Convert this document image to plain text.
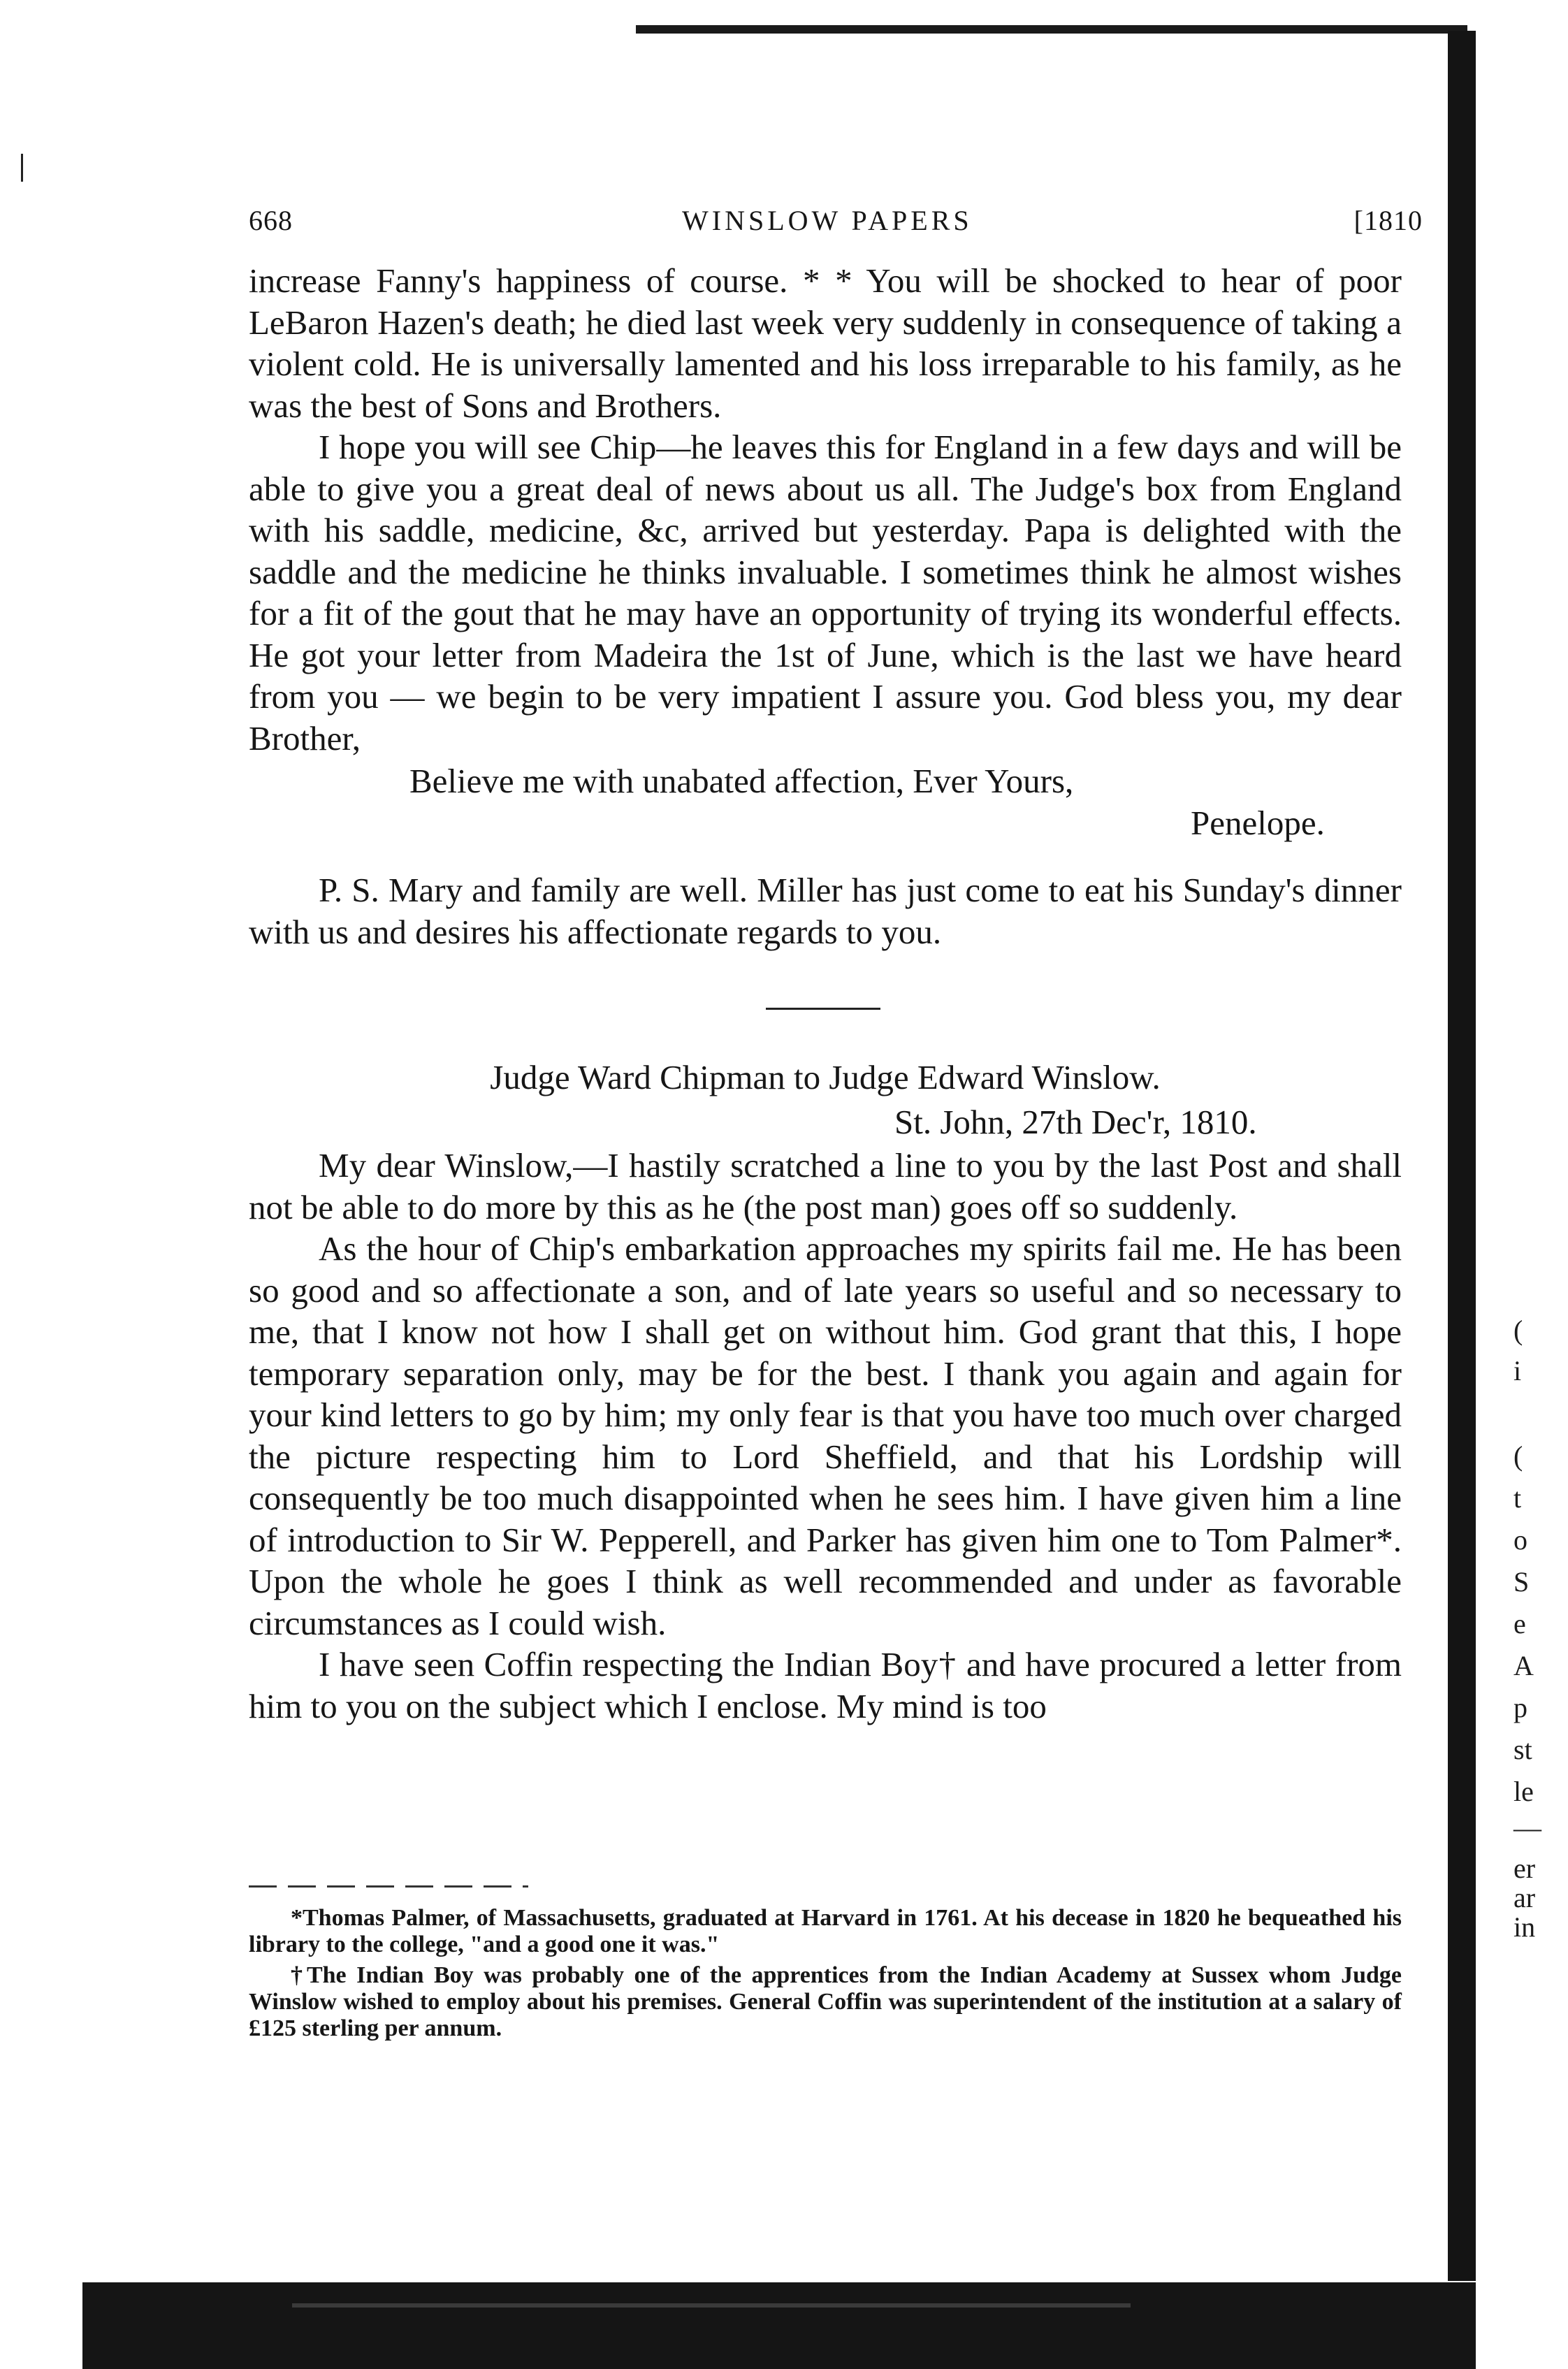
668	WINSLOW PAPERS	[1810

increase Fanny's happiness of course. * * You will be shocked to hear of poor LeBaron Hazen's death; he died last week very suddenly in consequence of taking a violent cold. He is universally lamented and his loss irreparable to his family, as he was the best of Sons and Brothers.

I hope you will see Chip—he leaves this for England in a few days and will be able to give you a great deal of news about us all. The Judge's box from England with his saddle, medicine, &c, arrived but yesterday. Papa is delighted with the saddle and the medicine he thinks invaluable. I sometimes think he almost wishes for a fit of the gout that he may have an opportunity of trying its wonderful effects. He got your letter from Madeira the 1st of June, which is the last we have heard from you — we begin to be very impatient I assure you. God bless you, my dear Brother,

Believe me with unabated affection, Ever Yours,
Penelope.

P. S. Mary and family are well. Miller has just come to eat his Sunday's dinner with us and desires his affectionate regards to you.

Judge Ward Chipman to Judge Edward Winslow.
St. John, 27th Dec'r, 1810.

My dear Winslow,—I hastily scratched a line to you by the last Post and shall not be able to do more by this as he (the post man) goes off so suddenly.

As the hour of Chip's embarkation approaches my spirits fail me. He has been so good and so affectionate a son, and of late years so useful and so necessary to me, that I know not how I shall get on without him. God grant that this, I hope temporary separation only, may be for the best. I thank you again and again for your kind letters to go by him; my only fear is that you have too much over charged the picture respecting him to Lord Sheffield, and that his Lordship will consequently be too much disappointed when he sees him. I have given him a line of introduction to Sir W. Pepperell, and Parker has given him one to Tom Palmer*. Upon the whole he goes I think as well recommended and under as favorable circumstances as I could wish.

I have seen Coffin respecting the Indian Boy† and have procured a letter from him to you on the subject which I enclose. My mind is too

*Thomas Palmer, of Massachusetts, graduated at Harvard in 1761. At his decease in 1820 he bequeathed his library to the college, "and a good one it was."

†The Indian Boy was probably one of the apprentices from the Indian Academy at Sussex whom Judge Winslow wished to employ about his premises. General Coffin was superintendent of the institution at a salary of £125 sterling per annum.

(
i
(
t
o
S
e
A
p
st
le
—
er
ar
in
